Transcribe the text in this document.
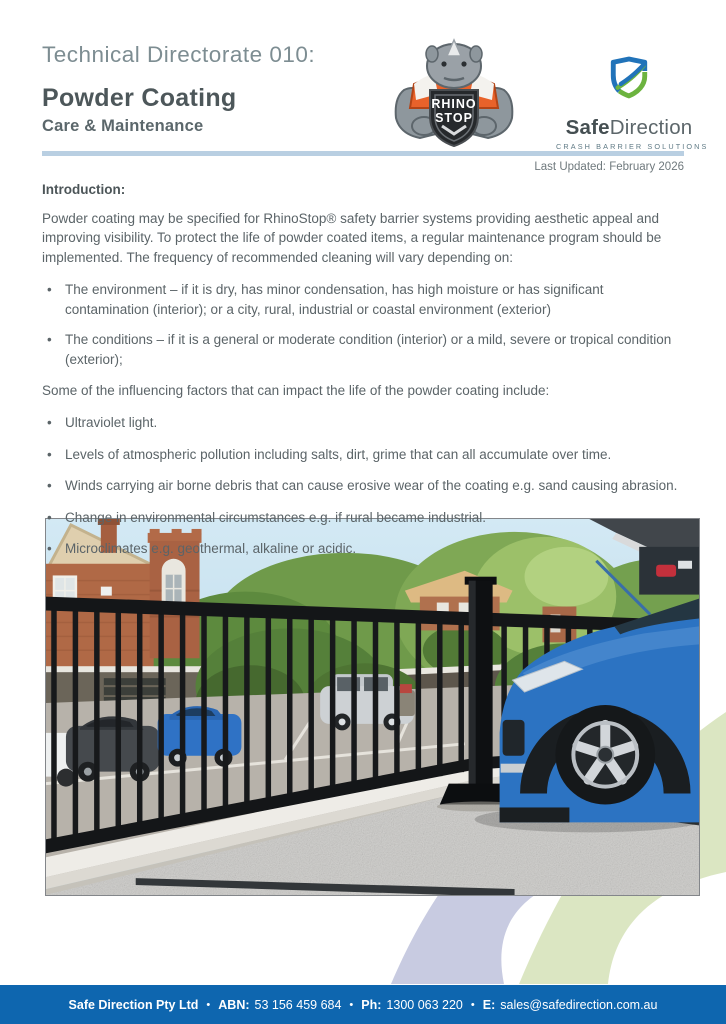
Technical Directorate 010:
Powder Coating
Care & Maintenance
RHINO
STOP	SafeDirection
CRASH BARRIER SOLUTIONS
Last Updated: February 2026
Introduction:

Powder coating may be specified for RhinoStop® safety barrier systems providing aesthetic appeal and improving visibility. To protect the life of powder coated items, a regular maintenance program should be implemented. The frequency of recommended cleaning will vary depending on:

• The environment – if it is dry, has minor condensation, has high moisture or has significant contamination (interior); or a city, rural, industrial or coastal environment (exterior)
• The conditions – if it is a general or moderate condition (interior) or a mild, severe or tropical condition (exterior);

Some of the influencing factors that can impact the life of the powder coating include:

• Ultraviolet light.
• Levels of atmospheric pollution including salts, dirt, grime that can all accumulate over time.
• Winds carrying air borne debris that can cause erosive wear of the coating e.g. sand causing abrasion.
• Change in environmental circumstances e.g. if rural became industrial.
• Microclimates e.g. geothermal, alkaline or acidic.
Safe Direction Pty Ltd • ABN: 53 156 459 684 • Ph: 1300 063 220 • E: sales@safedirection.com.au
